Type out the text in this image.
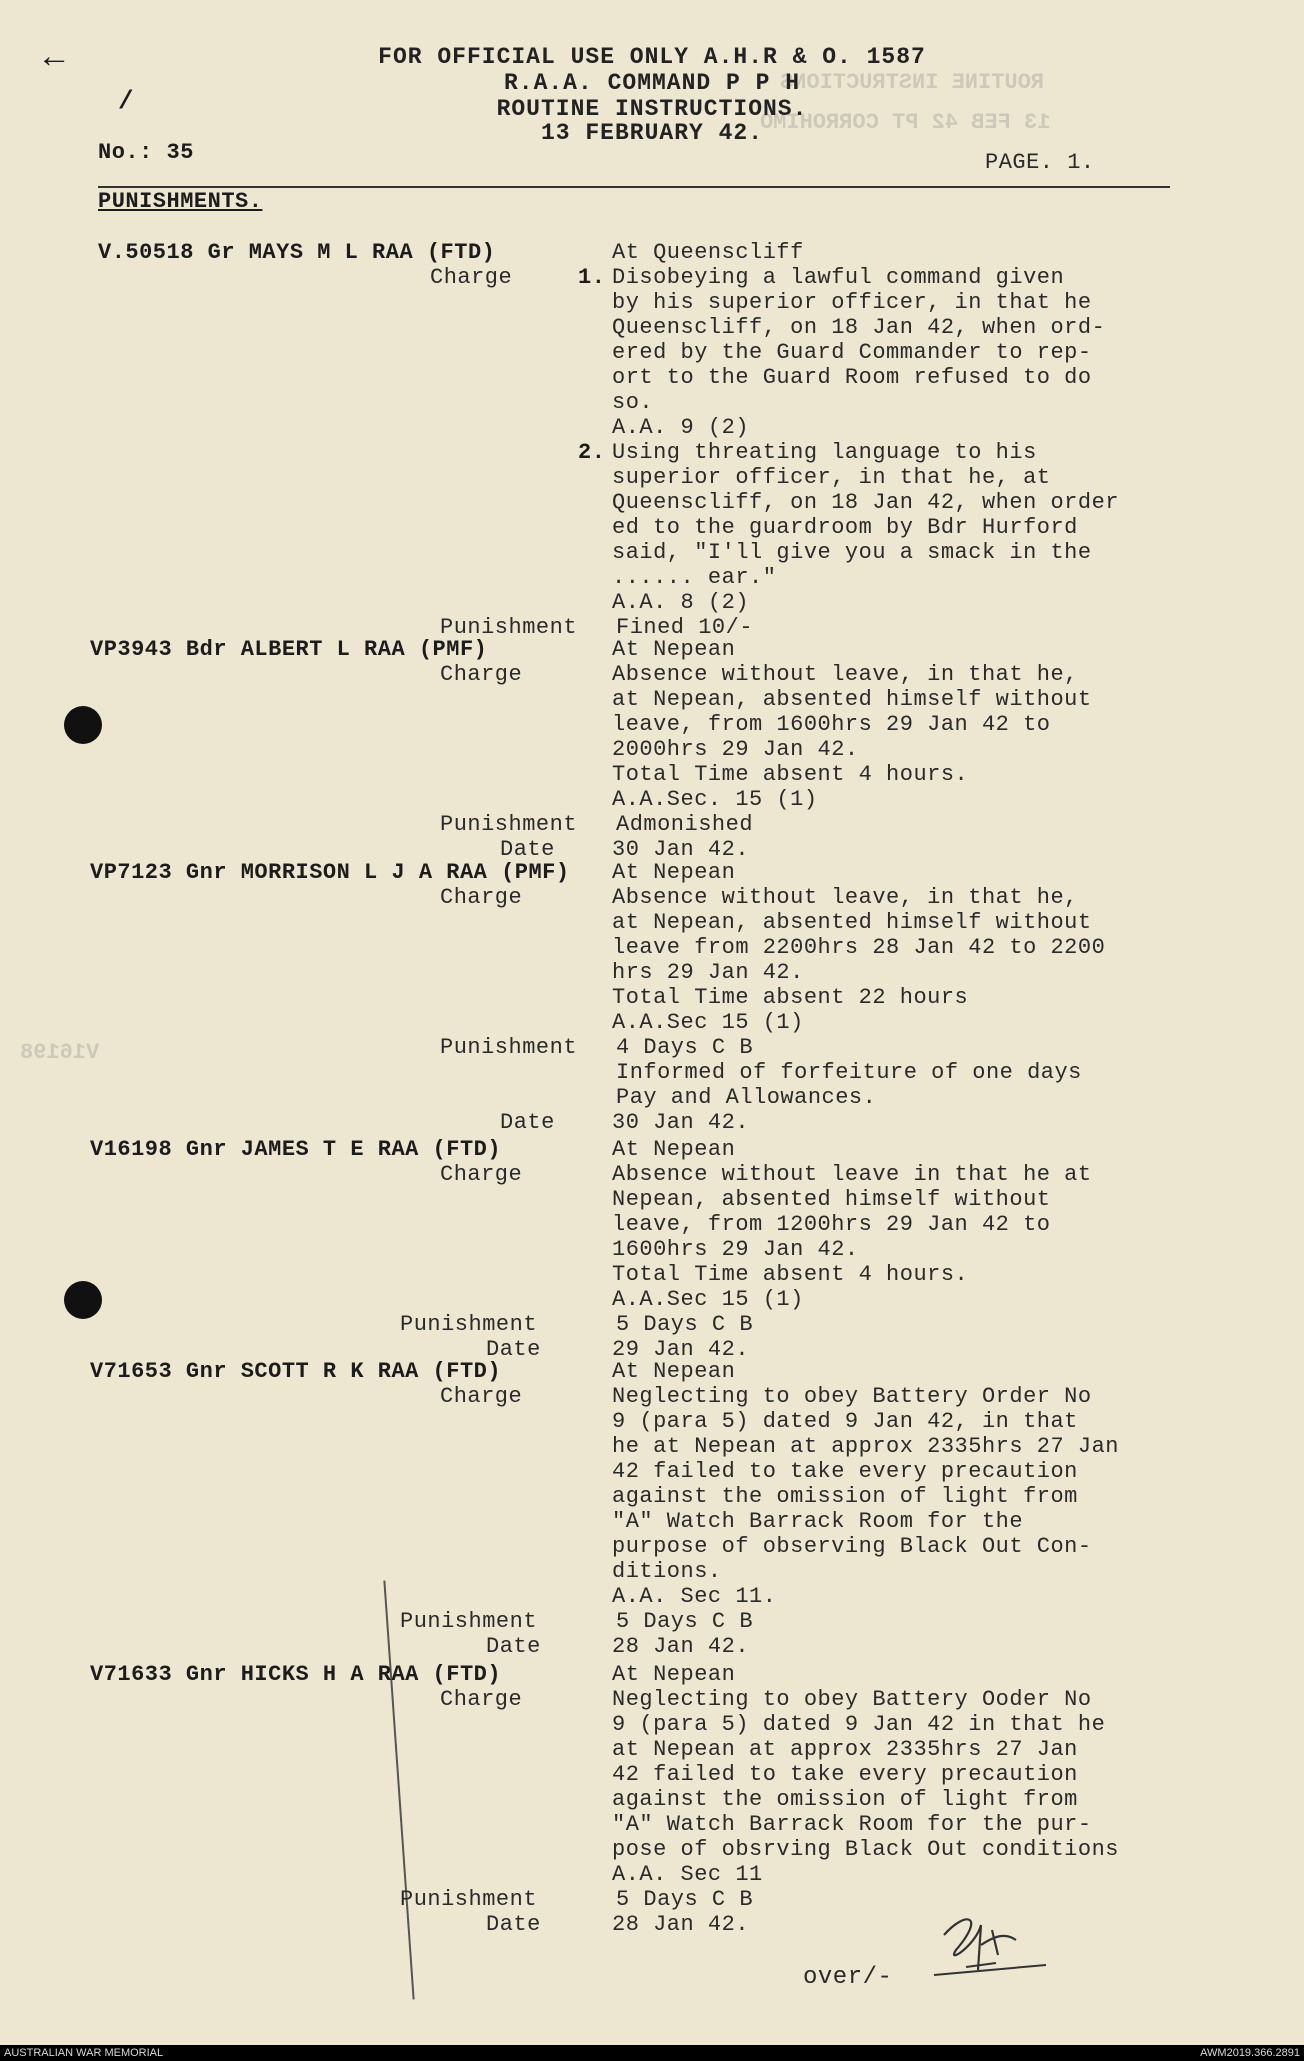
ROUTINE INSTRUCTIONS
13 FEB 42 PT CORROHIMO
V16198
←
/
FOR OFFICIAL USE ONLY A.H.R & O. 1587
R.A.A. COMMAND P P H
ROUTINE INSTRUCTIONS.
13 FEBRUARY 42.
No.: 35	PAGE. 1.
PUNISHMENTS.
V.50518 Gr MAYS M L RAA (FTD)	At Queenscliff
Charge	1. Disobeying a lawful command given
by his superior officer, in that he
Queenscliff, on 18 Jan 42, when ord-
ered by the Guard Commander to rep-
ort to the Guard Room refused to do
so.
A.A. 9 (2)
2. Using threating language to his
superior officer, in that he, at
Queenscliff, on 18 Jan 42, when order
ed to the guardroom by Bdr Hurford
said, "I'll give you a smack in the
...... ear."
A.A. 8 (2)
Punishment Fined 10/-
VP3943 Bdr ALBERT L RAA (PMF)	At Nepean
Charge	Absence without leave, in that he,
at Nepean, absented himself without
leave, from 1600hrs 29 Jan 42 to
2000hrs 29 Jan 42.
Total Time absent 4 hours.
A.A.Sec. 15 (1)
Punishment Admonished
Date	30 Jan 42.
VP7123 Gnr MORRISON L J A RAA (PMF) At Nepean
Charge	Absence without leave, in that he,
at Nepean, absented himself without
leave from 2200hrs 28 Jan 42 to 2200
hrs 29 Jan 42.
Total Time absent 22 hours
A.A.Sec 15 (1)
Punishment 4 Days C B
Informed of forfeiture of one days
Pay and Allowances.
Date	30 Jan 42.
V16198 Gnr JAMES T E RAA (FTD)	At Nepean
Charge	Absence without leave in that he at
Nepean, absented himself without
leave, from 1200hrs 29 Jan 42 to
1600hrs 29 Jan 42.
Total Time absent 4 hours.
A.A.Sec 15 (1)
Punishment	5 Days C B
Date	29 Jan 42.
V71653 Gnr SCOTT R K RAA (FTD)	At Nepean
Charge	Neglecting to obey Battery Order No
9 (para 5) dated 9 Jan 42, in that
he at Nepean at approx 2335hrs 27 Jan
42 failed to take every precaution
against the omission of light from
"A" Watch Barrack Room for the
purpose of observing Black Out Con-
ditions.
A.A. Sec 11.
Punishment	5 Days C B
Date	28 Jan 42.
V71633 Gnr HICKS H A RAA (FTD)	At Nepean
Charge	Neglecting to obey Battery Ooder No
9 (para 5) dated 9 Jan 42 in that he
at Nepean at approx 2335hrs 27 Jan
42 failed to take every precaution
against the omission of light from
"A" Watch Barrack Room for the pur-
pose of obsrving Black Out conditions
A.A. Sec 11
Punishment	5 Days C B
Date	28 Jan 42.
over/-
AUSTRALIAN WAR MEMORIAL	AWM2019.366.2891
